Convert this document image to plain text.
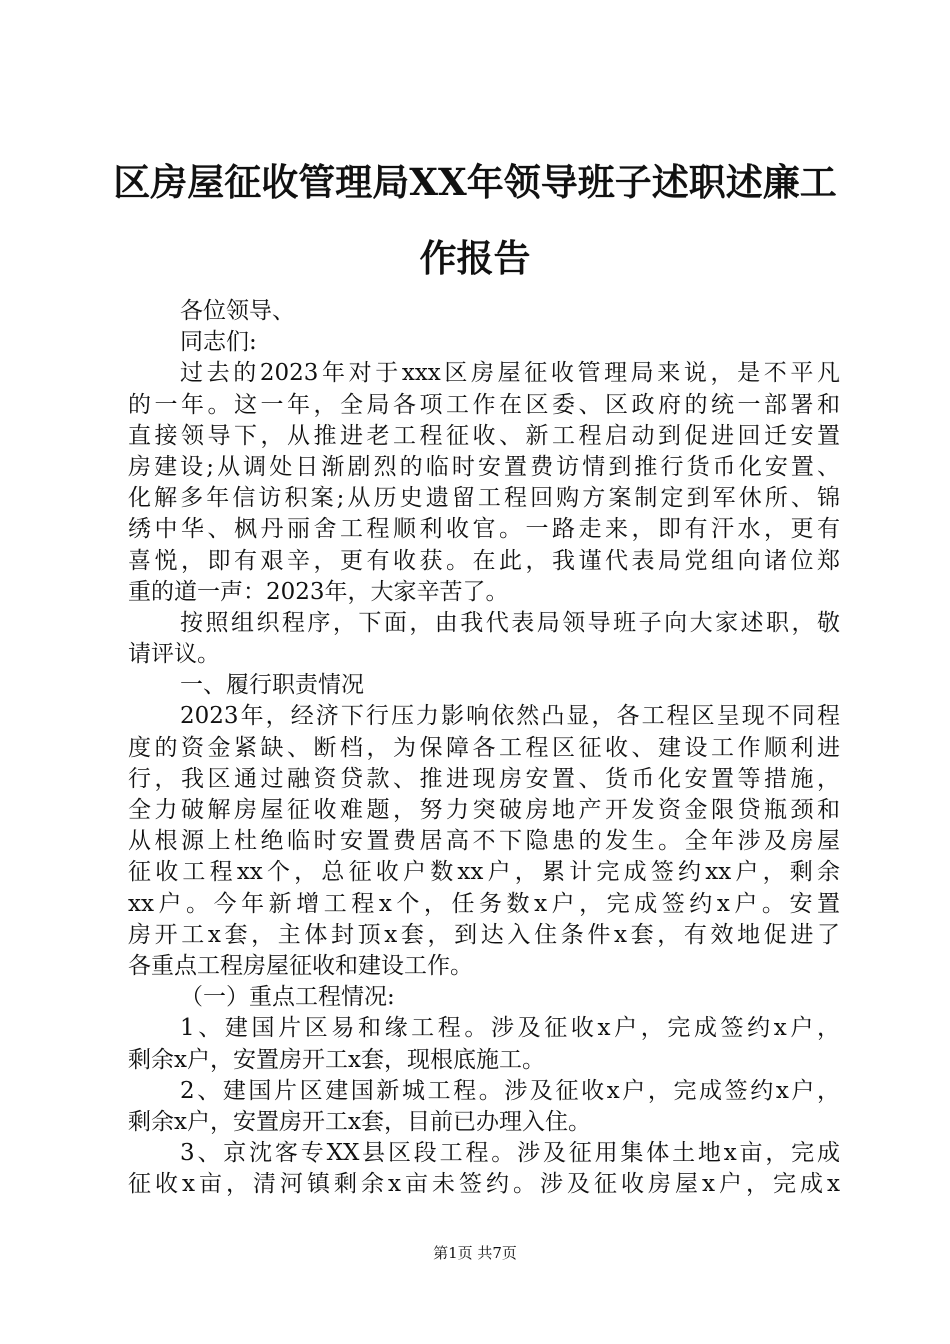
区房屋征收管理局XX年领导班子述职述廉工
作报告
各位领导、
同志们:
过去的2023年对于xxx区房屋征收管理局来说，是不平凡
的一年。这一年，全局各项工作在区委、区政府的统一部署和
直接领导下，从推进老工程征收、新工程启动到促进回迁安置
房建设;从调处日渐剧烈的临时安置费访情到推行货币化安置、
化解多年信访积案;从历史遗留工程回购方案制定到军休所、锦
绣中华、枫丹丽舍工程顺利收官。一路走来，即有汗水，更有
喜悦，即有艰辛，更有收获。在此，我谨代表局党组向诸位郑
重的道一声：2023年，大家辛苦了。
按照组织程序，下面，由我代表局领导班子向大家述职，敬
请评议。
一、履行职责情况
2023年，经济下行压力影响依然凸显，各工程区呈现不同程
度的资金紧缺、断档，为保障各工程区征收、建设工作顺利进
行，我区通过融资贷款、推进现房安置、货币化安置等措施，
全力破解房屋征收难题，努力突破房地产开发资金限贷瓶颈和
从根源上杜绝临时安置费居高不下隐患的发生。全年涉及房屋
征收工程xx个，总征收户数xx户，累计完成签约xx户，剩余
xx户。今年新增工程x个，任务数x户，完成签约x户。安置
房开工x套，主体封顶x套，到达入住条件x套，有效地促进了
各重点工程房屋征收和建设工作。
（一）重点工程情况:
1、建国片区易和缘工程。涉及征收x户，完成签约x户，
剩余x户，安置房开工x套，现根底施工。
2、建国片区建国新城工程。涉及征收x户，完成签约x户，
剩余x户，安置房开工x套，目前已办理入住。
3、京沈客专XX县区段工程。涉及征用集体土地x亩，完成
征收x亩，清河镇剩余x亩未签约。涉及征收房屋x户，完成x
第1页 共7页
